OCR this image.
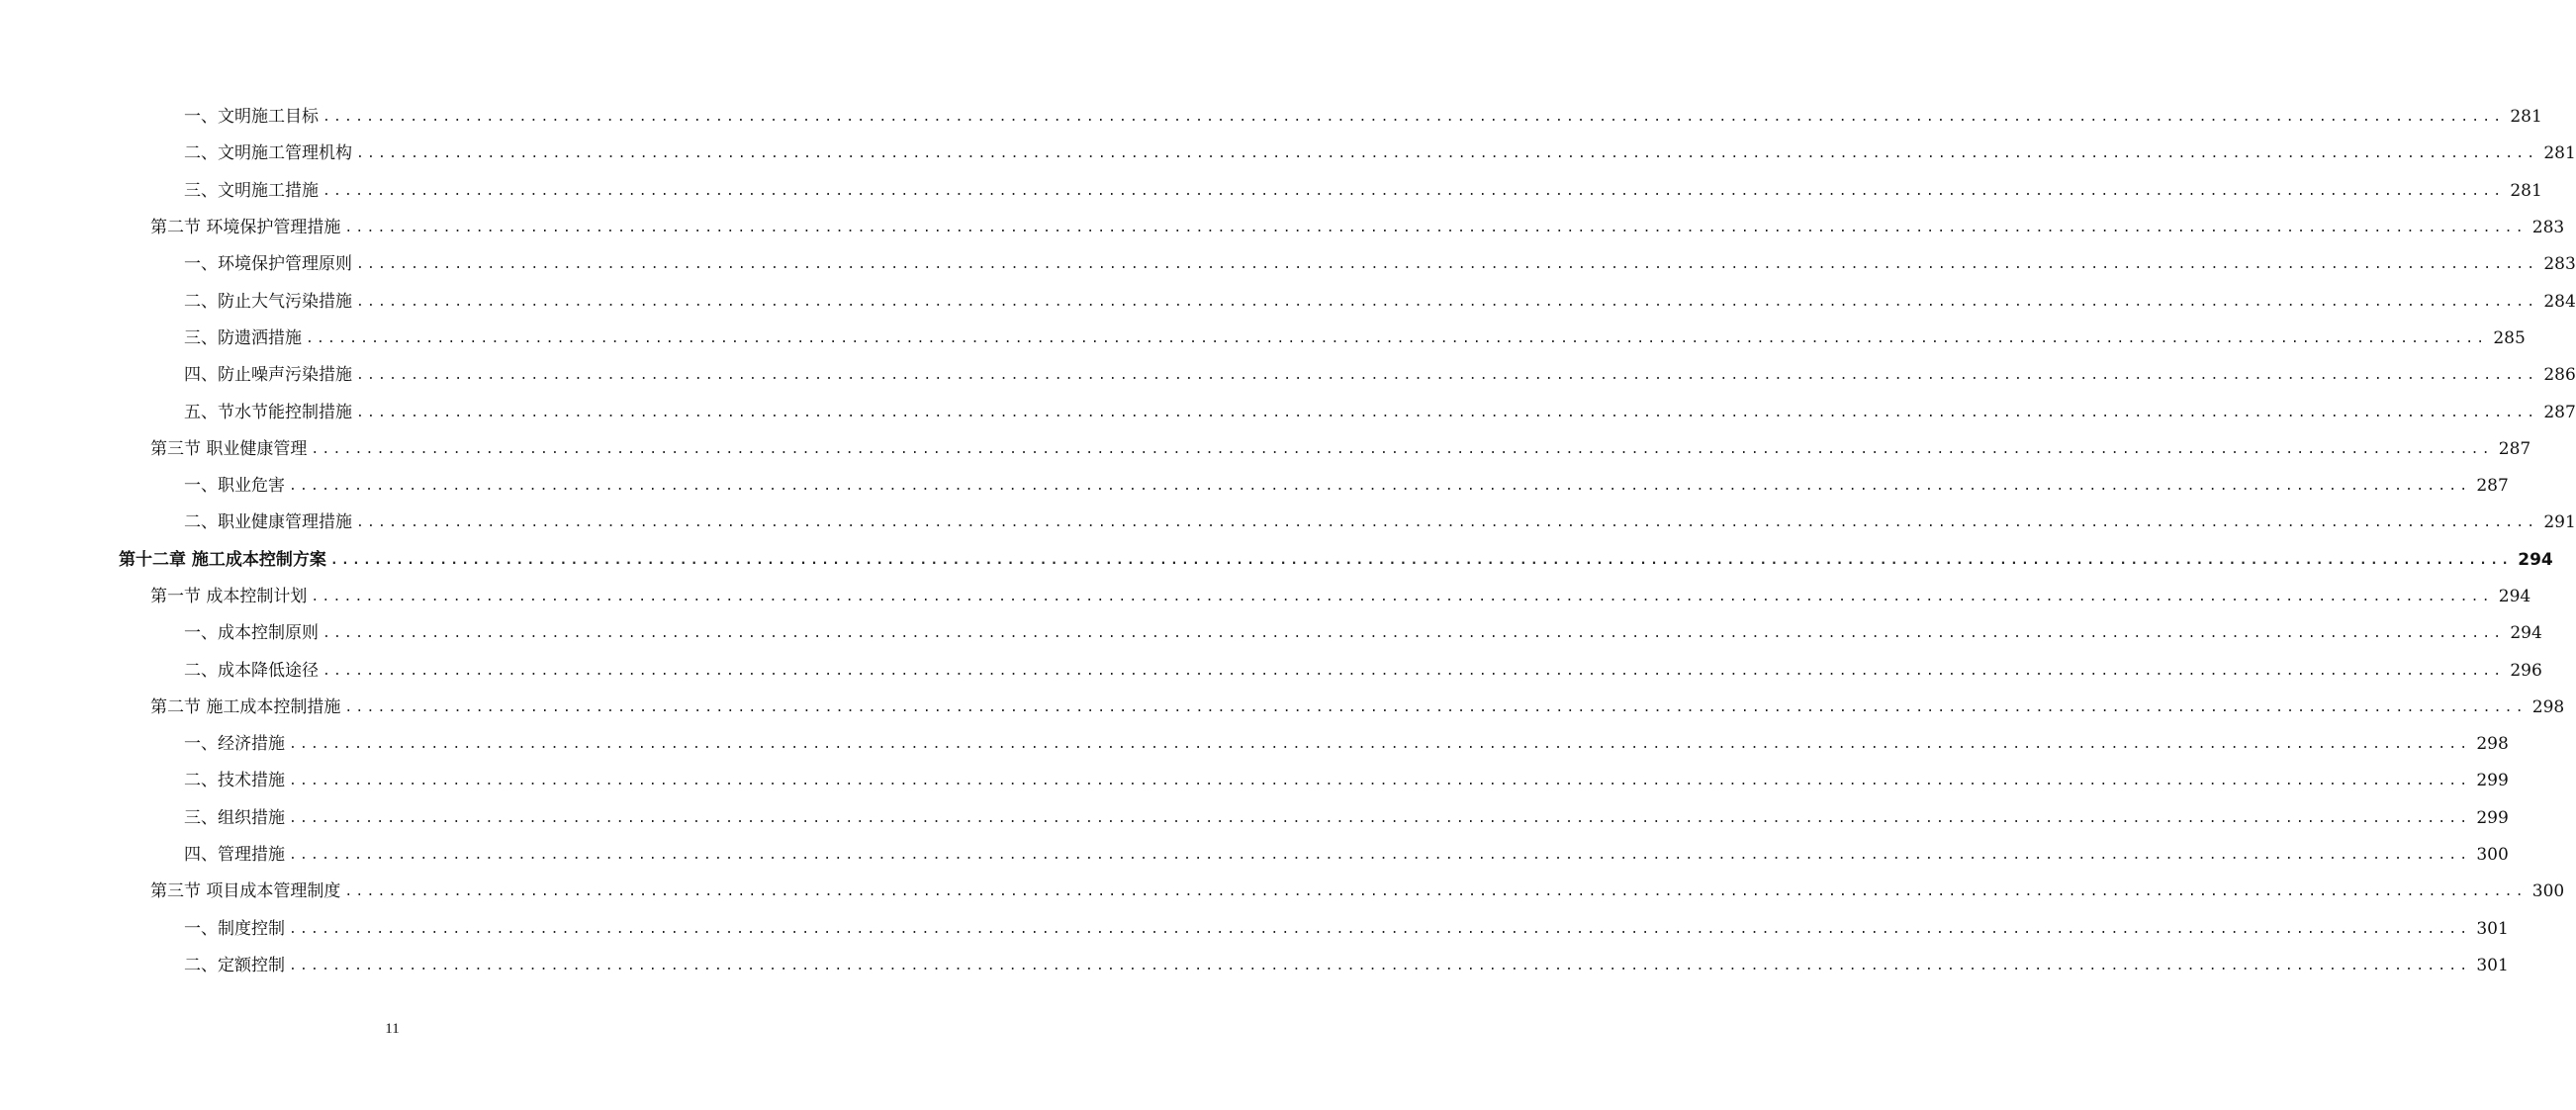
一、文明施工目标 ........................................................................................................................................................................................................ 281
二、文明施工管理机构 ........................................................................................................................................................................................................ 281
三、文明施工措施 ........................................................................................................................................................................................................ 281
第二节 环境保护管理措施 ........................................................................................................................................................................................................ 283
一、环境保护管理原则 ........................................................................................................................................................................................................ 283
二、防止大气污染措施 ........................................................................................................................................................................................................ 284
三、防遗洒措施 ........................................................................................................................................................................................................ 285
四、防止噪声污染措施 ........................................................................................................................................................................................................ 286
五、节水节能控制措施 ........................................................................................................................................................................................................ 287
第三节 职业健康管理 ........................................................................................................................................................................................................ 287
一、职业危害 ........................................................................................................................................................................................................ 287
二、职业健康管理措施 ........................................................................................................................................................................................................ 291
第十二章 施工成本控制方案 ........................................................................................................................................................................................................ 294
第一节 成本控制计划 ........................................................................................................................................................................................................ 294
一、成本控制原则 ........................................................................................................................................................................................................ 294
二、成本降低途径 ........................................................................................................................................................................................................ 296
第二节 施工成本控制措施 ........................................................................................................................................................................................................ 298
一、经济措施 ........................................................................................................................................................................................................ 298
二、技术措施 ........................................................................................................................................................................................................ 299
三、组织措施 ........................................................................................................................................................................................................ 299
四、管理措施 ........................................................................................................................................................................................................ 300
第三节 项目成本管理制度 ........................................................................................................................................................................................................ 300
一、制度控制 ........................................................................................................................................................................................................ 301
二、定额控制 ........................................................................................................................................................................................................ 301
11
